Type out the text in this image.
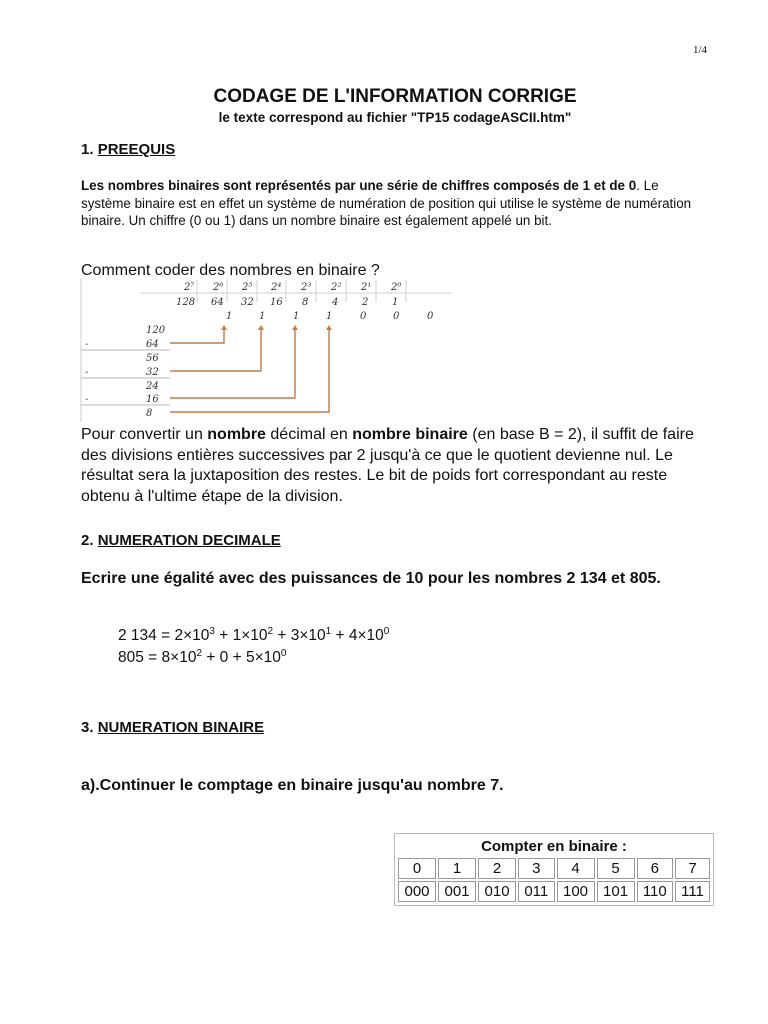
1/4
CODAGE DE L'INFORMATION CORRIGE
le texte correspond au fichier "TP15 codageASCII.htm"
1. PREEQUIS
Les nombres binaires sont représentés par une série de chiffres composés de 1 et de 0. Le système binaire est en effet un système de numération de position qui utilise le système de numération binaire. Un chiffre (0 ou 1) dans un nombre binaire est également appelé un bit.
Comment coder des nombres en binaire ?
2⁷ 2⁶ 2⁵ 2⁴ 2³ 2² 2¹ 2⁰
128 64 32 16 8 4 2 1
1	1	1	1	0	0	0
120
-	64
56
-	32
24
-	16
8
Pour convertir un nombre décimal en nombre binaire (en base B = 2), il suffit de faire des divisions entières successives par 2 jusqu'à ce que le quotient devienne nul. Le résultat sera la juxtaposition des restes. Le bit de poids fort correspondant au reste obtenu à l'ultime étape de la division.
2. NUMERATION DECIMALE
Ecrire une égalité avec des puissances de 10 pour les nombres 2 134 et 805.
2 $134 = 2\times 10^3 + 1\times 10^2 + 3\times 10^1 + 4\times 10^0$
$805 = 8\times 10^2 + 0 + 5\times 10^0$
3. NUMERATION BINAIRE
a).Continuer le comptage en binaire jusqu'au nombre 7.
Compter en binaire :							
0	1	2	3	4	5	6	7
000	001	010	011	100	101	110	111
